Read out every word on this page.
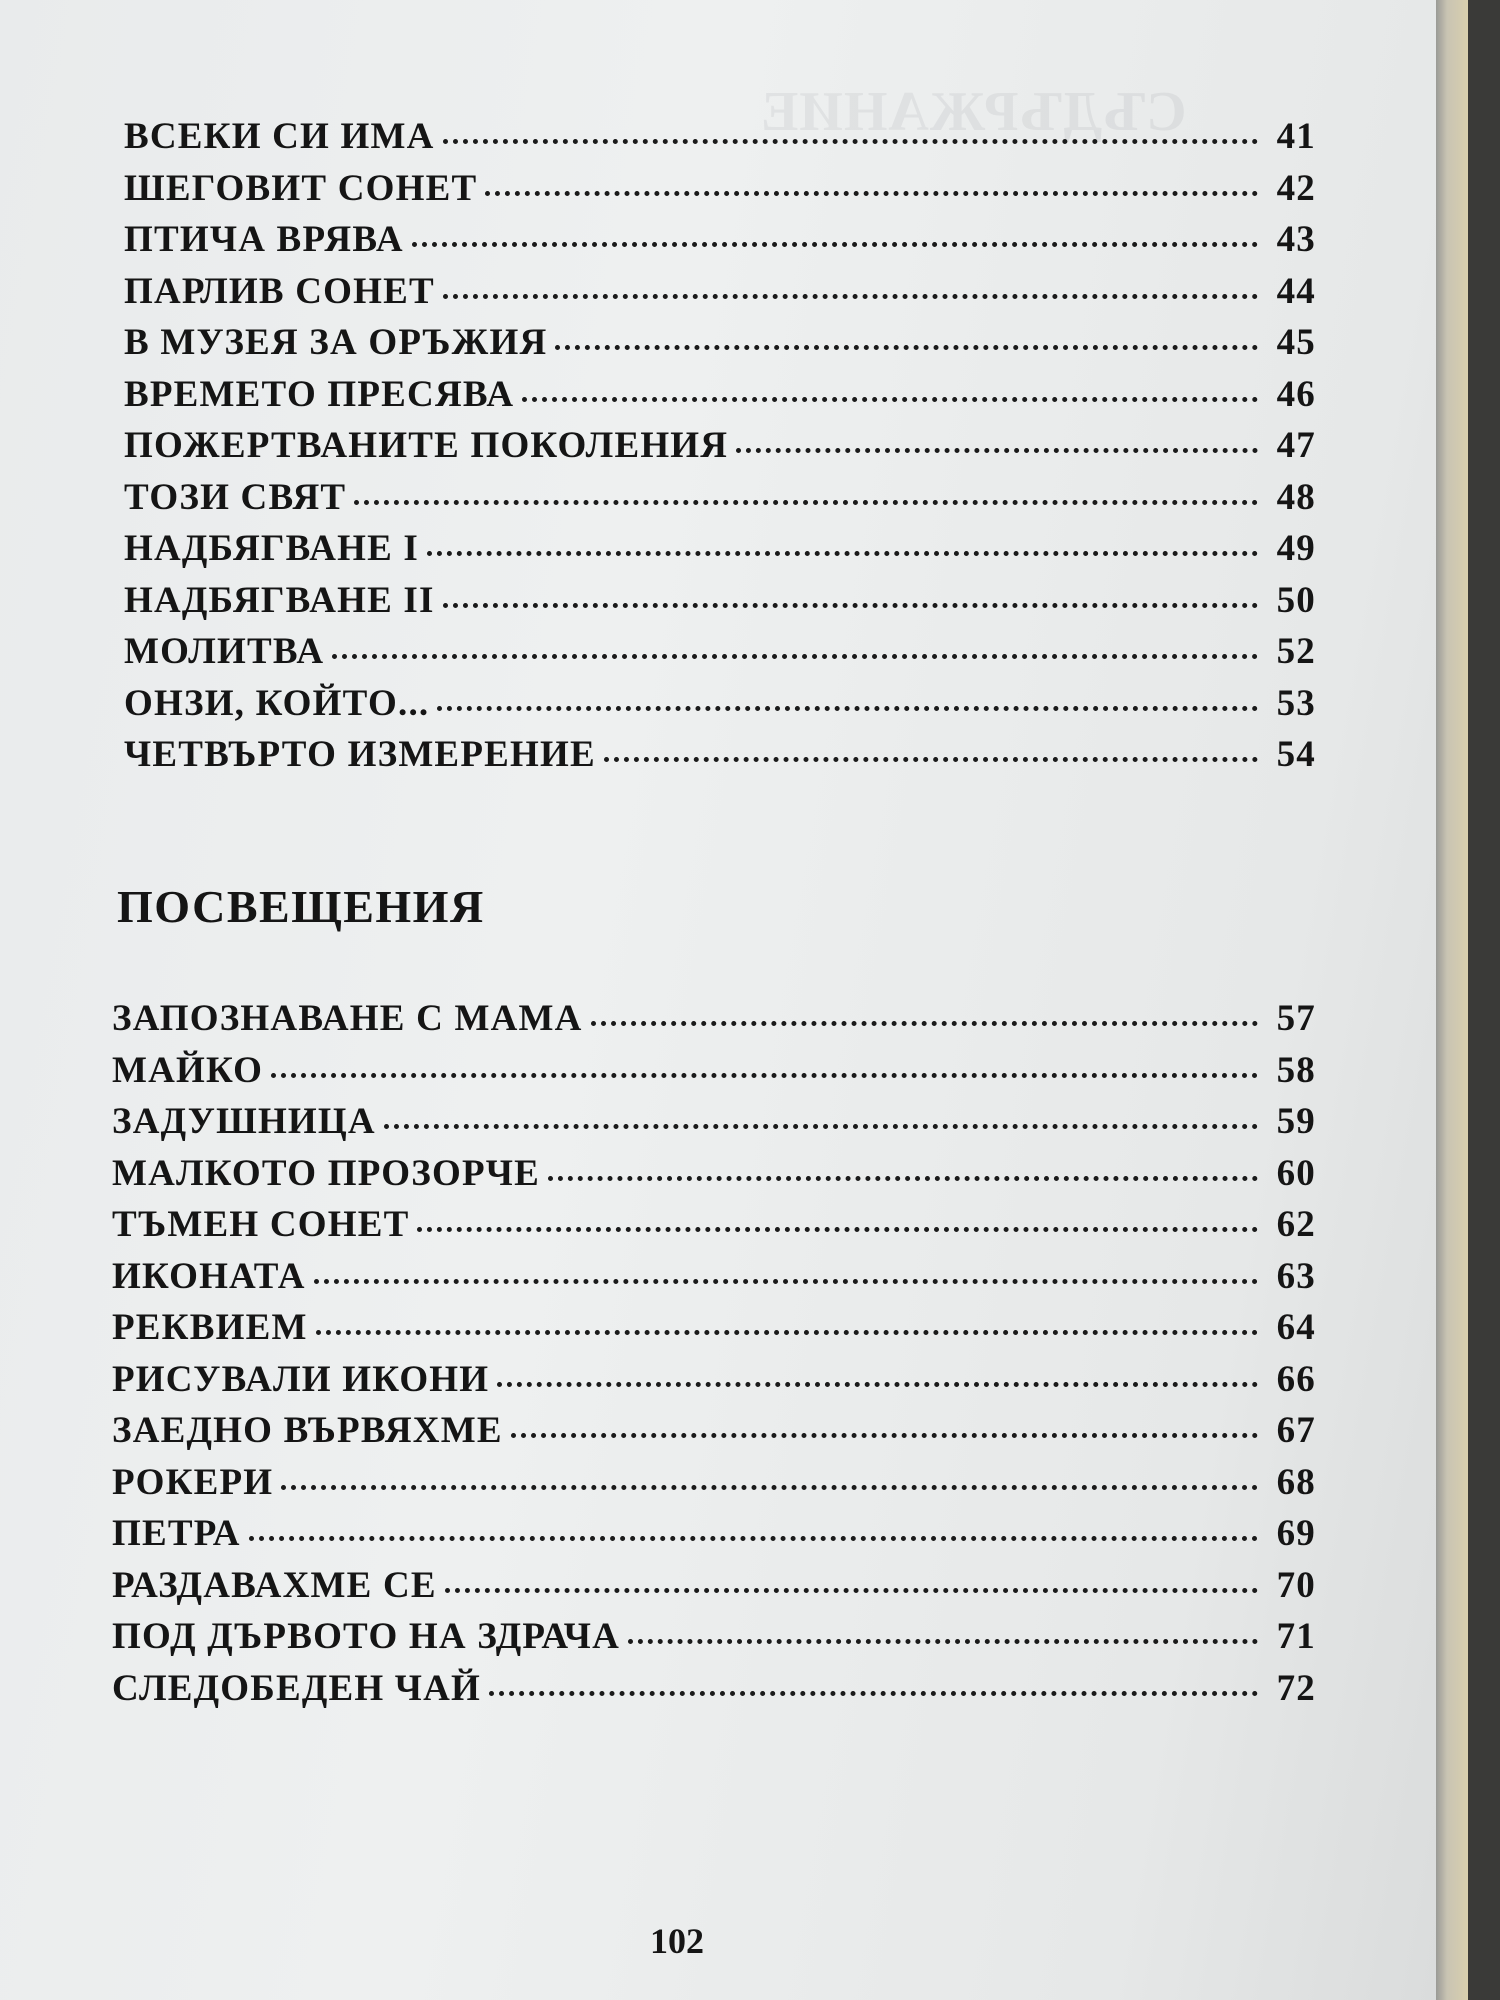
СЪДЪРЖАНИЕ
ВСЕКИ СИ ИМА	41
ШЕГОВИТ СОНЕТ	42
ПТИЧА ВРЯВА	43
ПАРЛИВ СОНЕТ	44
В МУЗЕЯ ЗА ОРЪЖИЯ	45
ВРЕМЕТО ПРЕСЯВА	46
ПОЖЕРТВАНИТЕ ПОКОЛЕНИЯ	47
ТОЗИ СВЯТ	48
НАДБЯГВАНЕ I	49
НАДБЯГВАНЕ II	50
МОЛИТВА	52
ОНЗИ, КОЙТО...	53
ЧЕТВЪРТО ИЗМЕРЕНИЕ	54
ПОСВЕЩЕНИЯ
ЗАПОЗНАВАНЕ С МАМА	57
МАЙКО	58
ЗАДУШНИЦА	59
МАЛКОТО ПРОЗОРЧЕ	60
ТЪМЕН СОНЕТ	62
ИКОНАТА	63
РЕКВИЕМ	64
РИСУВАЛИ ИКОНИ	66
ЗАЕДНО ВЪРВЯХМЕ	67
РОКЕРИ	68
ПЕТРА	69
РАЗДАВАХМЕ СЕ	70
ПОД ДЪРВОТО НА ЗДРАЧА	71
СЛЕДОБЕДЕН ЧАЙ	72
102
